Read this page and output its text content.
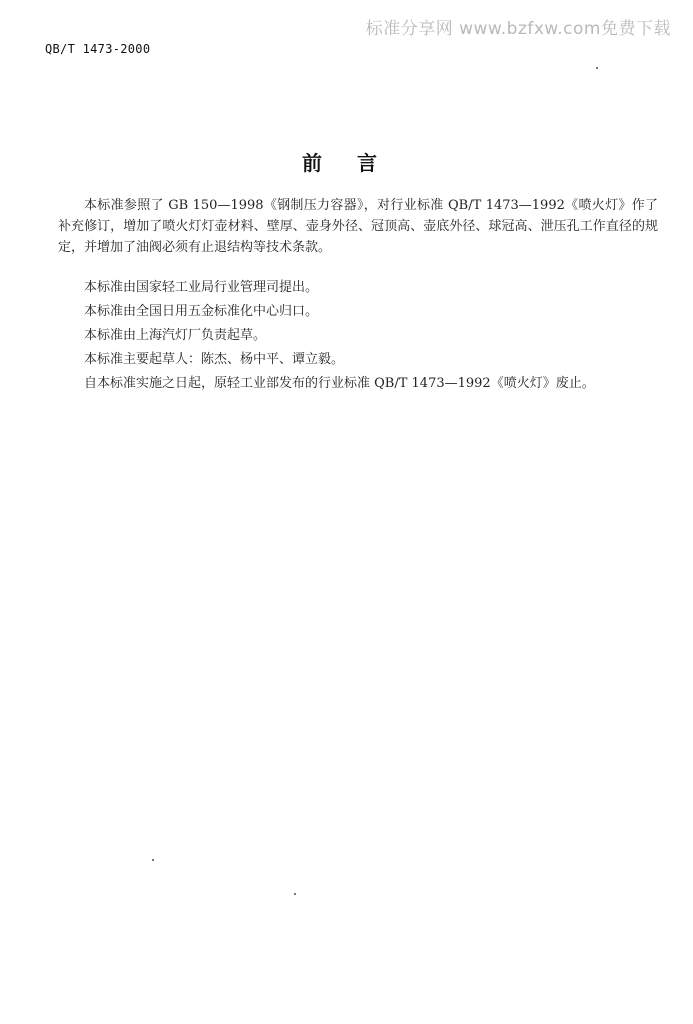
标准分享网 www.bzfxw.com免费下载
QB/T 1473-2000
前 言

本标准参照了 GB 150—1998《钢制压力容器》，对行业标准 QB/T 1473—1992《喷火灯》作了补充修订，增加了喷火灯灯壶材料、壁厚、壶身外径、冠顶高、壶底外径、球冠高、泄压孔工作直径的规定，并增加了油阀必须有止退结构等技术条款。

本标准由国家轻工业局行业管理司提出。

本标准由全国日用五金标准化中心归口。

本标准由上海汽灯厂负责起草。

本标准主要起草人：陈杰、杨中平、谭立毅。

自本标准实施之日起，原轻工业部发布的行业标准 QB/T 1473—1992《喷火灯》废止。
